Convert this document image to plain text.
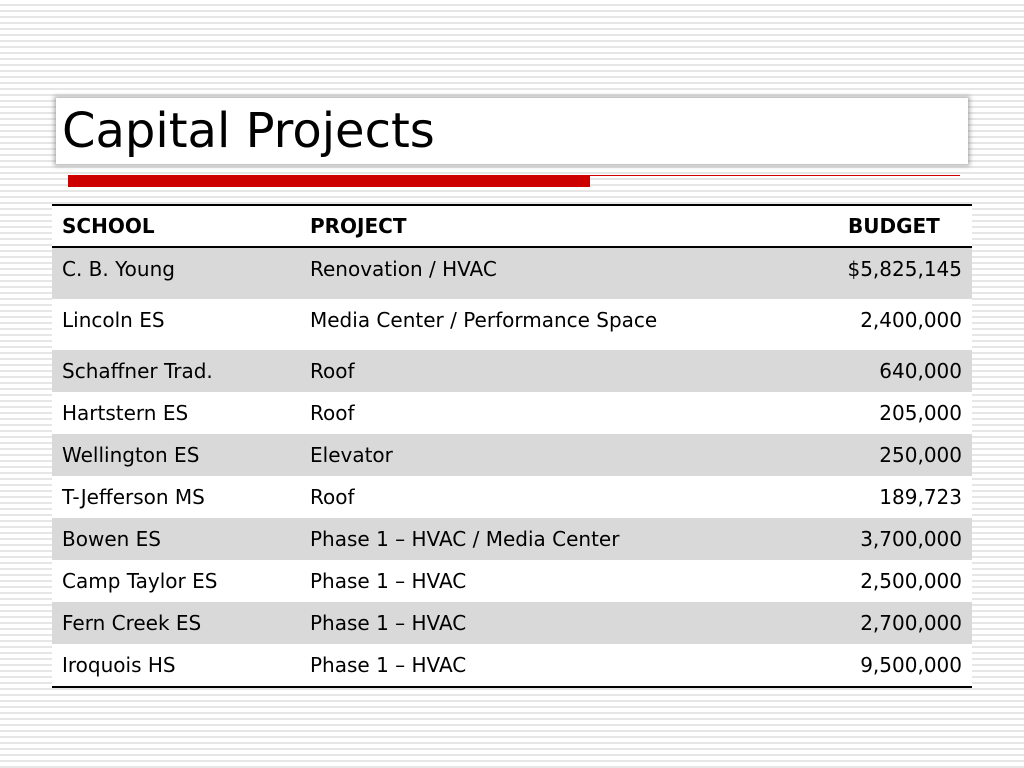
Capital Projects
SCHOOL	PROJECT	BUDGET
C. B. Young	Renovation / HVAC	$5,825,145
Lincoln ES	Media Center / Performance Space	2,400,000
Schaffner Trad.	Roof	640,000
Hartstern ES	Roof	205,000
Wellington ES	Elevator	250,000
T-Jefferson MS	Roof	189,723
Bowen ES	Phase 1 – HVAC / Media Center	3,700,000
Camp Taylor ES	Phase 1 – HVAC	2,500,000
Fern Creek ES	Phase 1 – HVAC	2,700,000
Iroquois HS	Phase 1 – HVAC	9,500,000
